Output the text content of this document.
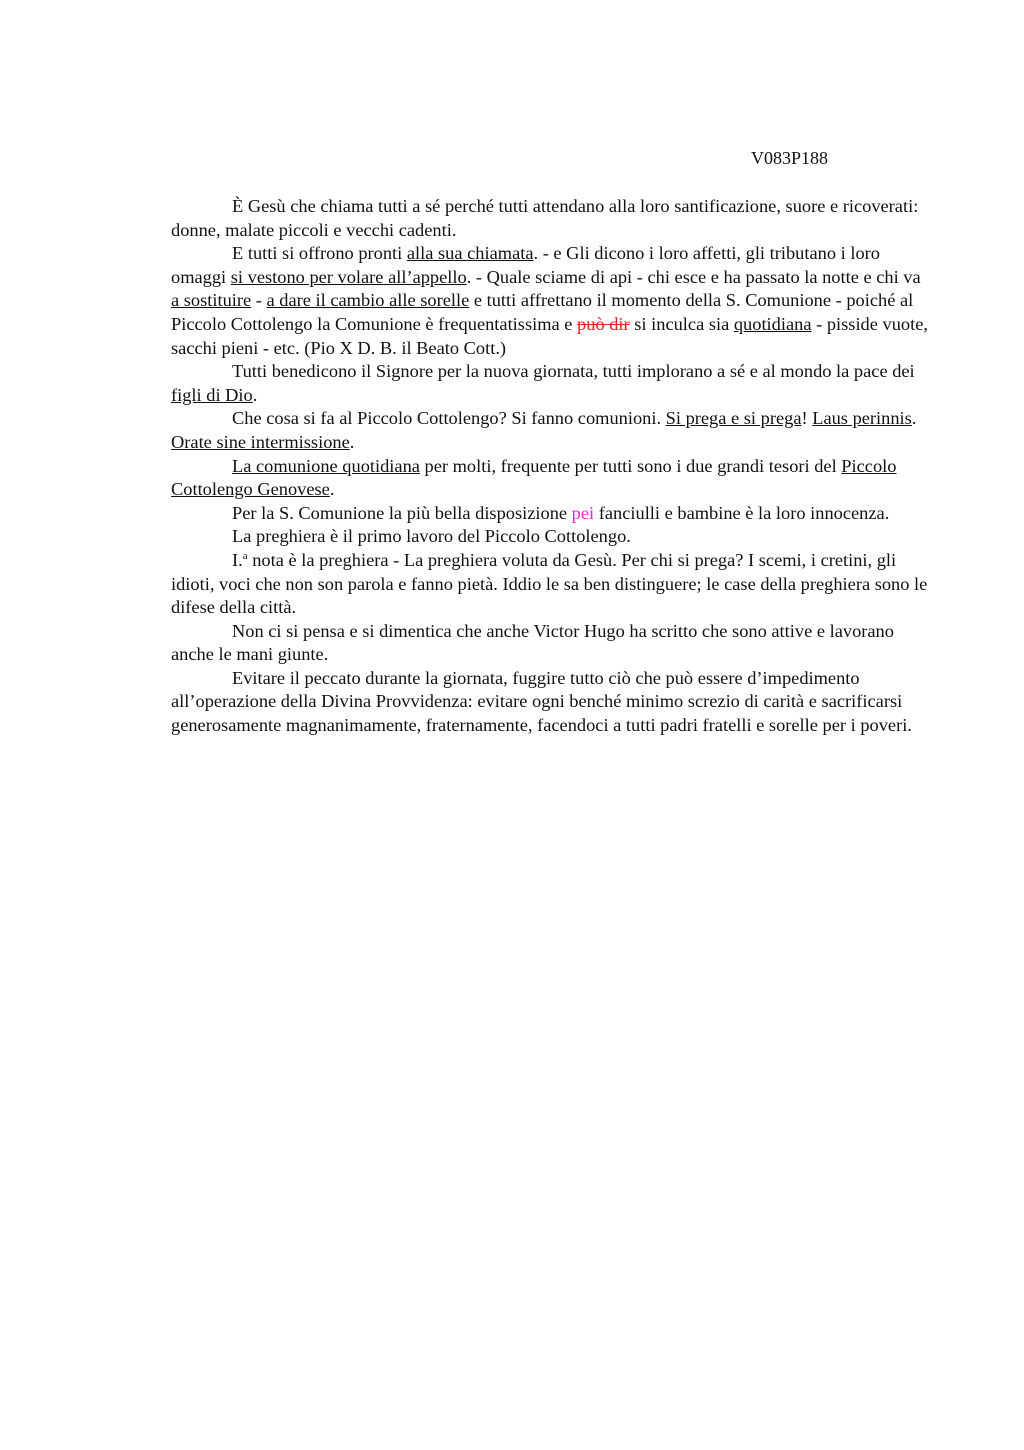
V083P188

È Gesù che chiama tutti a sé perché tutti attendano alla loro santificazione, suore e ricoverati: donne, malate piccoli e vecchi cadenti.

E tutti si offrono pronti alla sua chiamata. - e Gli dicono i loro affetti, gli tributano i loro omaggi si vestono per volare all’appello. - Quale sciame di api - chi esce e ha passato la notte e chi va a sostituire - a dare il cambio alle sorelle e tutti affrettano il momento della S. Comunione - poiché al Piccolo Cottolengo la Comunione è frequentatissima e può dir si inculca sia quotidiana - pisside vuote, sacchi pieni - etc. (Pio X D. B. il Beato Cott.)

Tutti benedicono il Signore per la nuova giornata, tutti implorano a sé e al mondo la pace dei figli di Dio.

Che cosa si fa al Piccolo Cottolengo? Si fanno comunioni. Si prega e si prega! Laus perinnis. Orate sine intermissione.

La comunione quotidiana per molti, frequente per tutti sono i due grandi tesori del Piccolo Cottolengo Genovese.

Per la S. Comunione la più bella disposizione pei fanciulli e bambine è la loro innocenza.

La preghiera è il primo lavoro del Piccolo Cottolengo.

I.$^a$ nota è la preghiera - La preghiera voluta da Gesù. Per chi si prega? I scemi, i cretini, gli idioti, voci che non son parola e fanno pietà. Iddio le sa ben distinguere; le case della preghiera sono le difese della città.

Non ci si pensa e si dimentica che anche Victor Hugo ha scritto che sono attive e lavorano anche le mani giunte.

Evitare il peccato durante la giornata, fuggire tutto ciò che può essere d’impedimento all’operazione della Divina Provvidenza: evitare ogni benché minimo screzio di carità e sacrificarsi generosamente magnanimamente, fraternamente, facendoci a tutti padri fratelli e sorelle per i poveri.
